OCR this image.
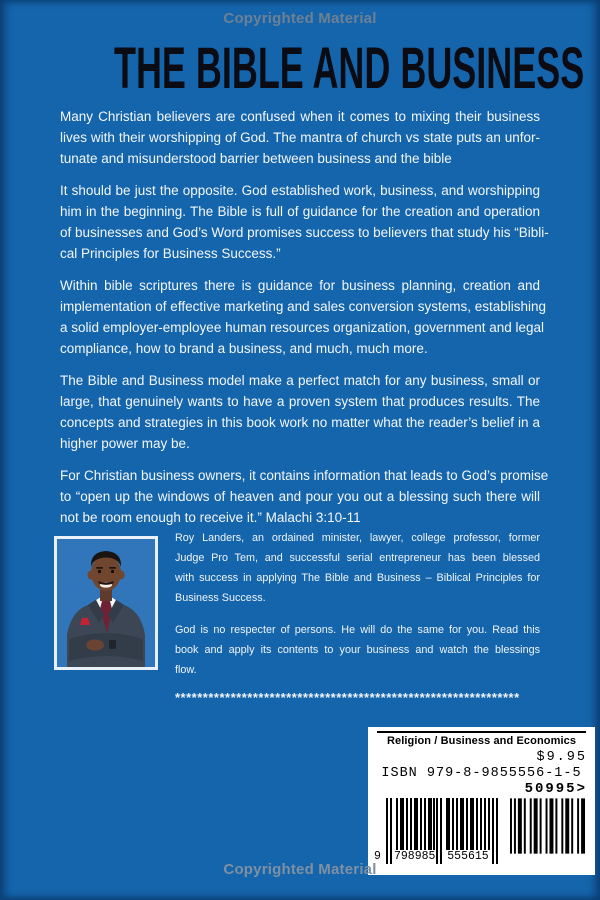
Copyrighted Material
THE BIBLE AND BUSINESS
Many Christian believers are confused when it comes to mixing their business
lives with their worshipping of God. The mantra of church vs state puts an unfor-
tunate and misunderstood barrier between business and the bible
It should be just the opposite. God established work, business, and worshipping
him in the beginning. The Bible is full of guidance for the creation and operation
of businesses and God’s Word promises success to believers that study his “Bibli-
cal Principles for Business Success.”
Within bible scriptures there is guidance for business planning, creation and
implementation of effective marketing and sales conversion systems, establishing
a solid employer-employee human resources organization, government and legal
compliance, how to brand a business, and much, much more.
The Bible and Business model make a perfect match for any business, small or
large, that genuinely wants to have a proven system that produces results. The
concepts and strategies in this book work no matter what the reader’s belief in a
higher power may be.
For Christian business owners, it contains information that leads to God’s promise
to “open up the windows of heaven and pour you out a blessing such there will
not be room enough to receive it.” Malachi 3:10-11
Roy Landers, an ordained minister, lawyer, college professor, former
Judge Pro Tem, and successful serial entrepreneur has been blessed
with success in applying The Bible and Business – Biblical Principles for
Business Success.
God is no respecter of persons. He will do the same for you. Read this
book and apply its contents to your business and watch the blessings
flow.
**************************************************************
Religion / Business and Economics
$9.95
ISBN 979-8-9855556-1-5
50995>
9 798985 555615
Copyrighted Material
